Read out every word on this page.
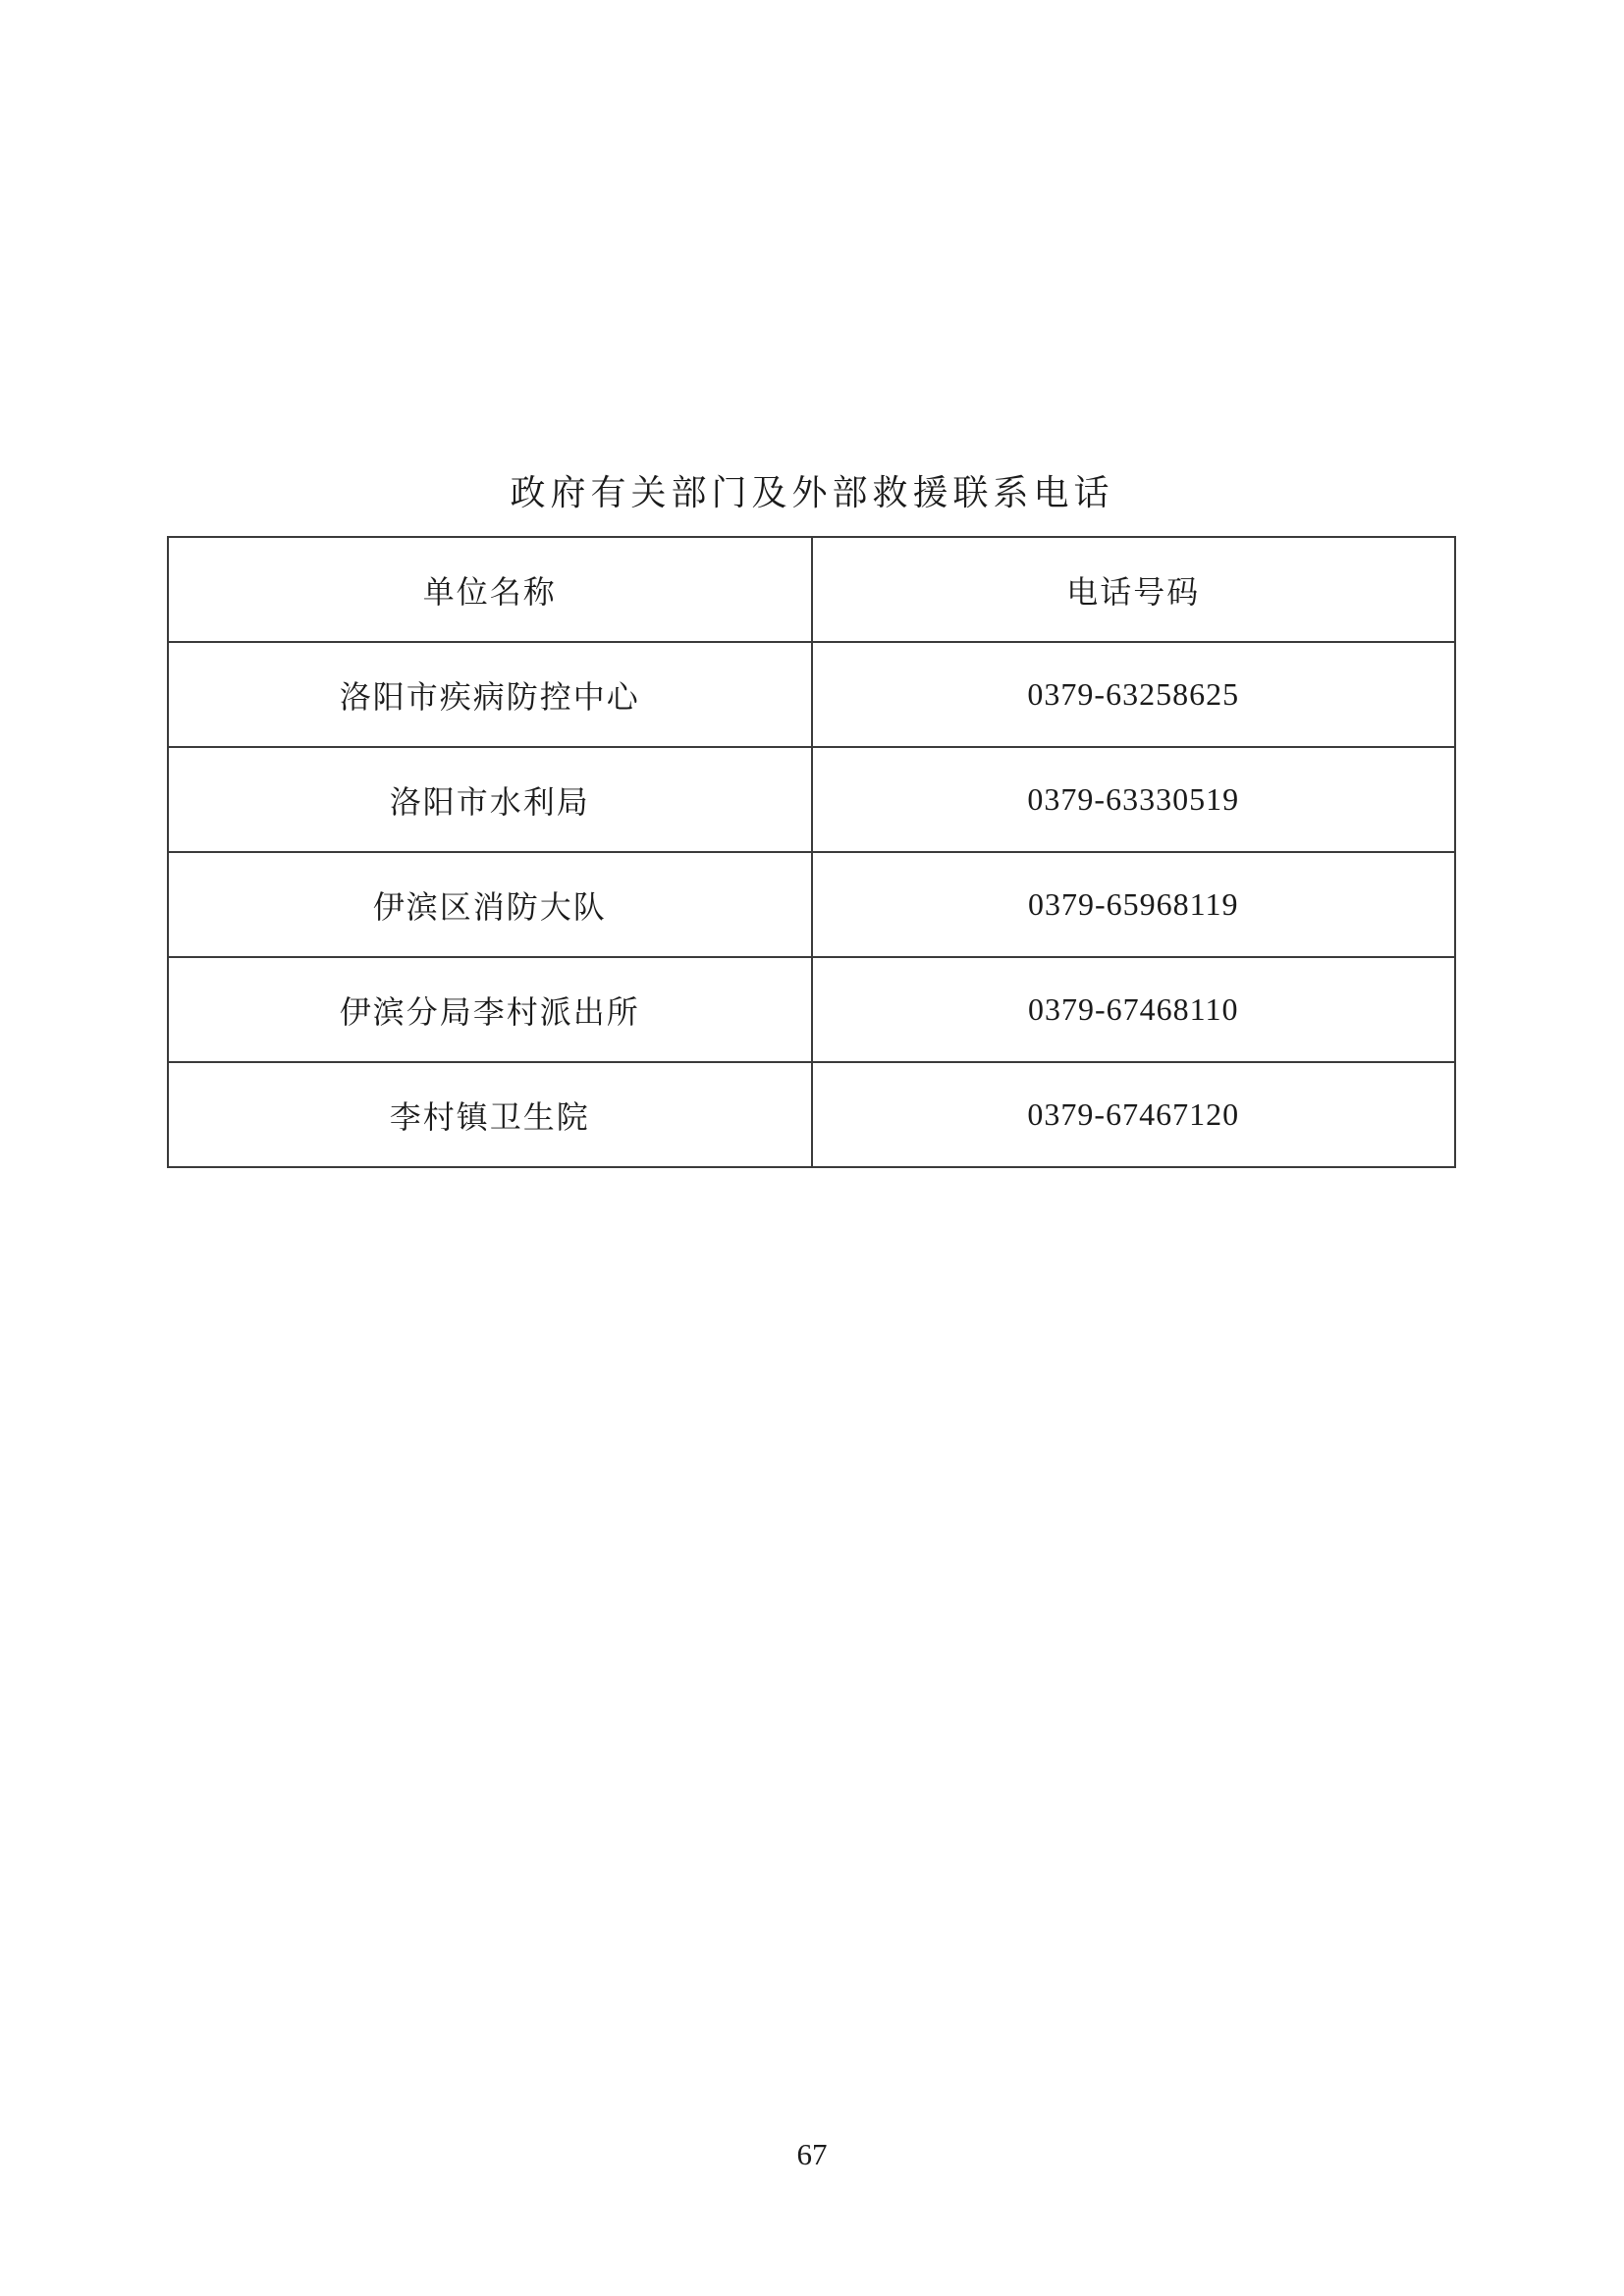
政府有关部门及外部救援联系电话
单位名称	电话号码
洛阳市疾病防控中心	0379-63258625
洛阳市水利局	0379-63330519
伊滨区消防大队	0379-65968119
伊滨分局李村派出所	0379-67468110
李村镇卫生院	0379-67467120
67
